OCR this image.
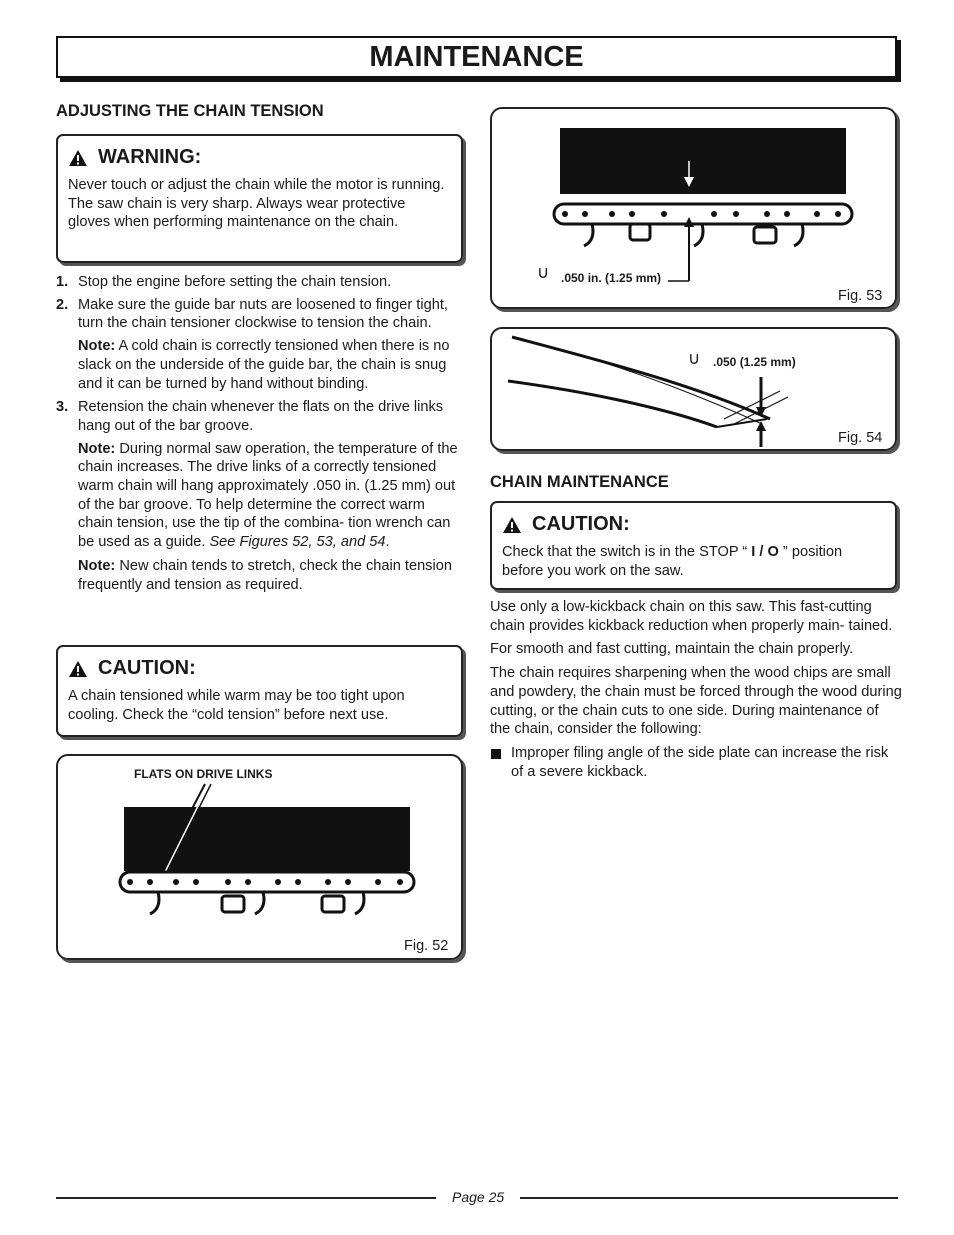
MAINTENANCE
ADJUSTING THE CHAIN TENSION
WARNING:
Never touch or adjust the chain while the motor is running. The saw chain is very sharp. Always wear protective gloves when performing maintenance on the chain.
1. Stop the engine before setting the chain tension.
2. Make sure the guide bar nuts are loosened to finger tight, turn the chain tensioner clockwise to tension the chain.
Note: A cold chain is correctly tensioned when there is no slack on the underside of the guide bar, the chain is snug and it can be turned by hand without binding.
3. Retension the chain whenever the flats on the drive links hang out of the bar groove.
Note: During normal saw operation, the temperature of the chain increases. The drive links of a correctly tensioned warm chain will hang approximately .050 in. (1.25 mm) out of the bar groove. To help determine the correct warm chain tension, use the tip of the combina- tion wrench can be used as a guide. See Figures 52, 53, and 54.
Note: New chain tends to stretch, check the chain tension frequently and tension as required.
CAUTION:
A chain tensioned while warm may be too tight upon cooling. Check the “cold tension” before next use.
FLATS ON DRIVE LINKS
Fig. 52
∪ .050 in. (1.25 mm)
Fig. 53
∪ .050 (1.25 mm)
Fig. 54
CHAIN MAINTENANCE
CAUTION:
Check that the switch is in the STOP “ I / O ” position before you work on the saw.

Use only a low-kickback chain on this saw. This fast-cutting chain provides kickback reduction when properly main- tained.

For smooth and fast cutting, maintain the chain properly.

The chain requires sharpening when the wood chips are small and powdery, the chain must be forced through the wood during cutting, or the chain cuts to one side. During maintenance of the chain, consider the following:

Improper filing angle of the side plate can increase the risk of a severe kickback.
Page 25
